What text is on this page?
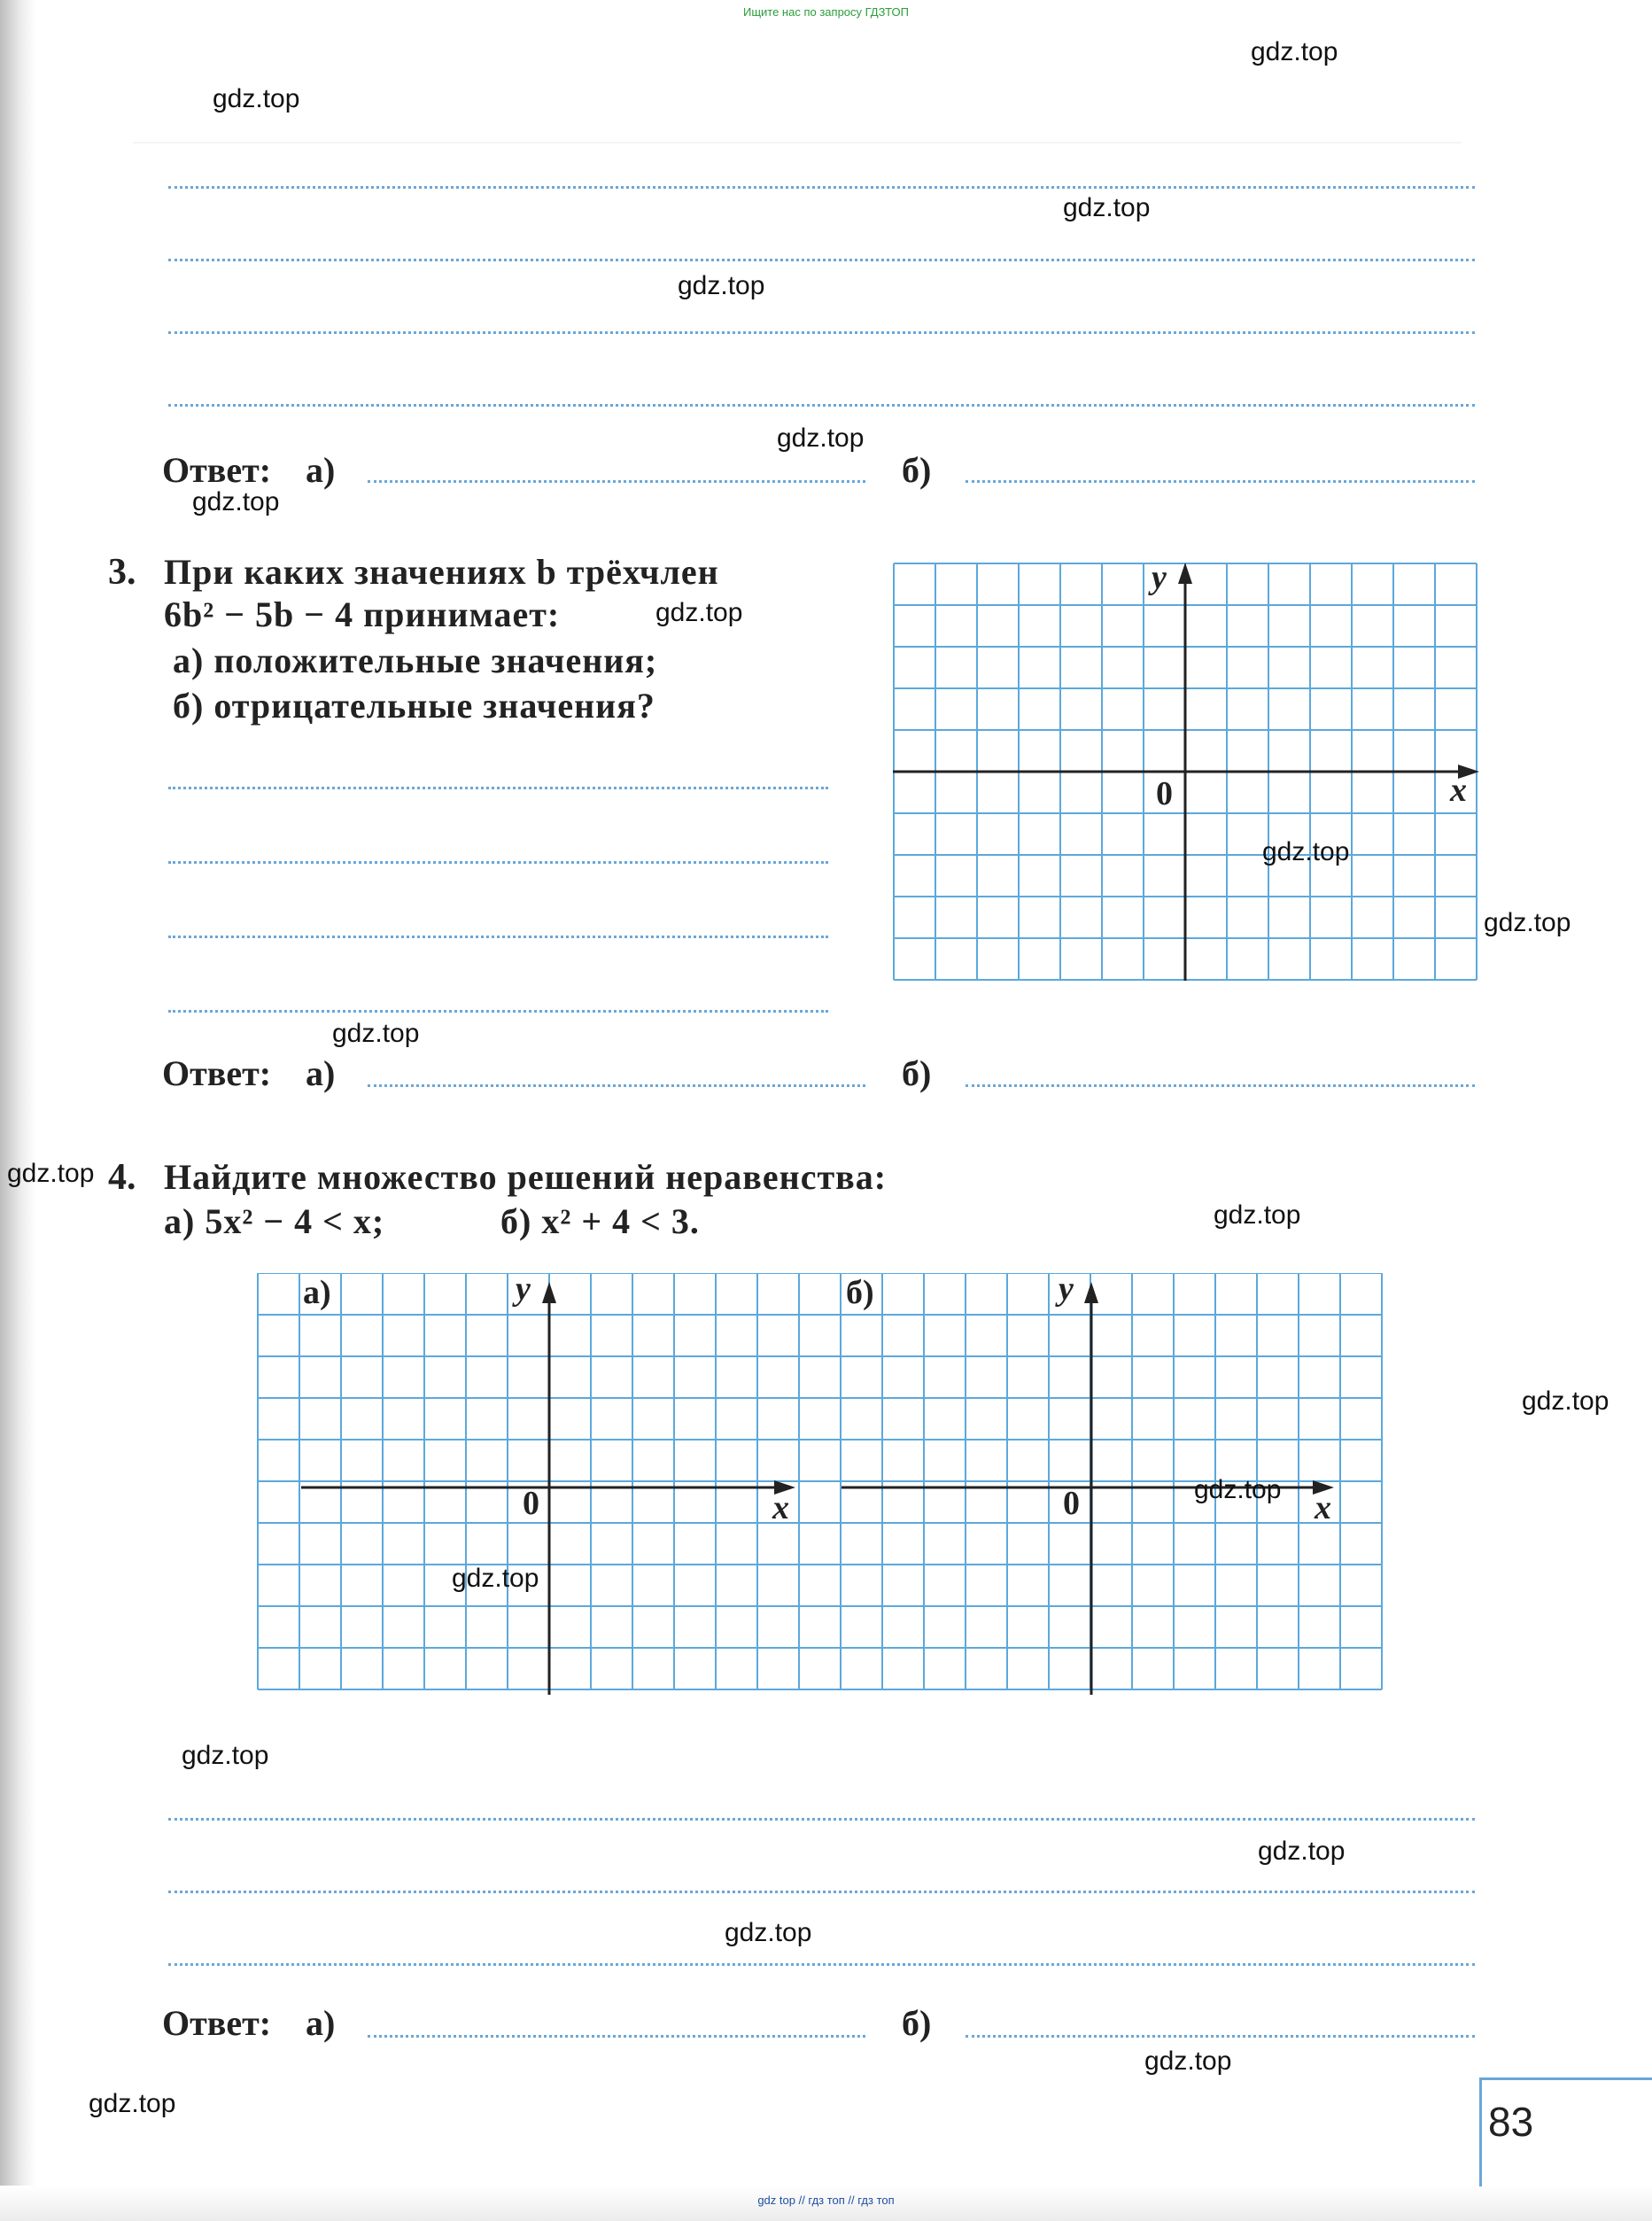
Ищите нас по запросу ГДЗТОП
Ответ: а)	б)
3. При каких значениях b трёхчлен
6b² − 5b − 4 принимает:
а) положительные значения;
б) отрицательные значения?
y
x
0
Ответ: а)	б)
4. Найдите множество решений неравенства:
а) 5x² − 4 < x;	б) x² + 4 < 3.
а)	y
x
0
б)	y
x
0
Ответ: а)	б)
83
gdz.top
gdz.top
gdz.top
gdz.top
gdz.top
gdz.top
gdz.top
gdz.top
gdz.top
gdz.top
gdz.top
gdz.top
gdz.top
gdz.top
gdz.top
gdz.top
gdz.top
gdz.top
gdz.top
gdz.top
gdz top // гдз топ // гдз топ
